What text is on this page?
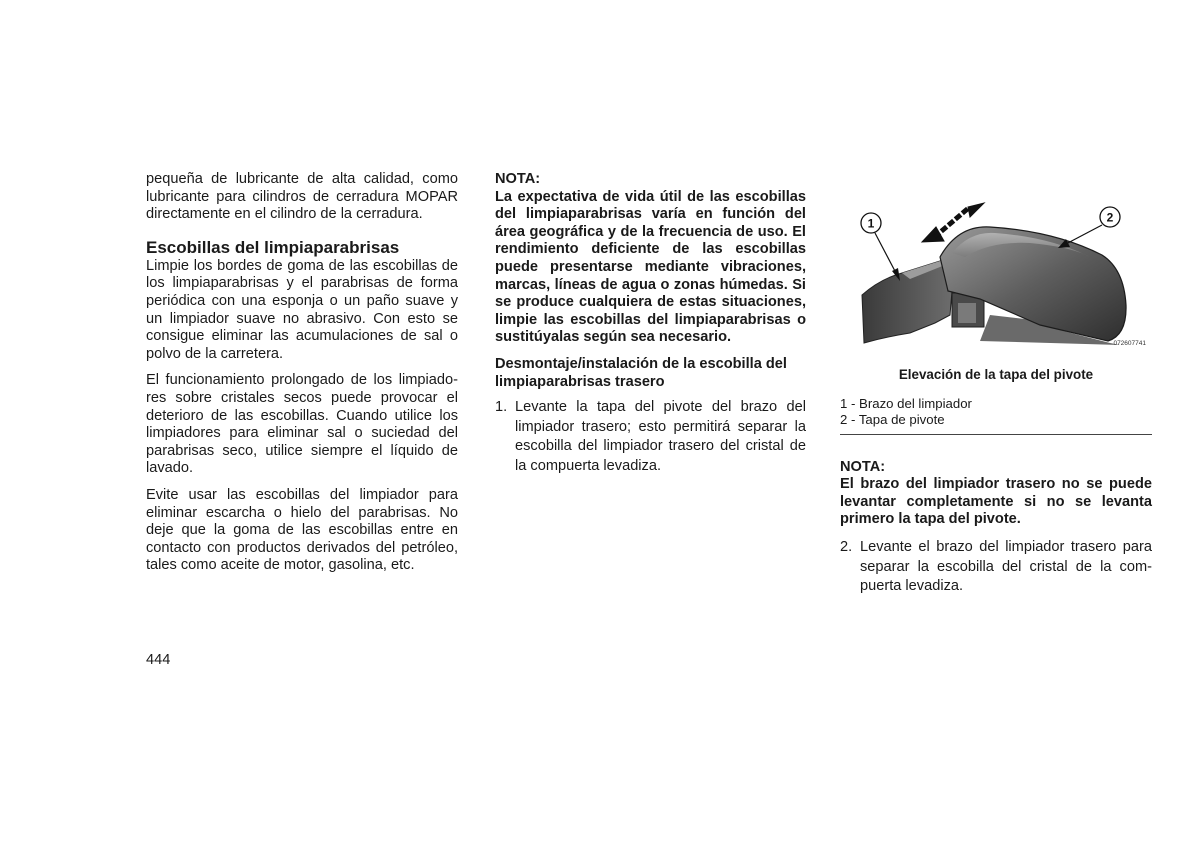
pequeña de lubricante de alta calidad, como lubricante para cilindros de cerradura MOPAR directamente en el cilindro de la cerradura.

Escobillas del limpiaparabrisas

Limpie los bordes de goma de las escobillas de los limpiaparabrisas y el parabrisas de forma periódica con una esponja o un paño suave y un limpiador suave no abrasivo. Con esto se consigue eliminar las acumulaciones de sal o polvo de la carretera.

El funcionamiento prolongado de los limpiadores sobre cristales secos puede provocar el deterioro de las escobillas. Cuando utilice los limpiadores para eliminar sal o suciedad del parabrisas seco, utilice siempre el líquido de lavado.

Evite usar las escobillas del limpiador para eliminar escarcha o hielo del parabrisas. No deje que la goma de las escobillas entre en contacto con productos derivados del petróleo, tales como aceite de motor, gasolina, etc.

NOTA:

La expectativa de vida útil de las escobillas del limpiaparabrisas varía en función del área geográfica y de la frecuencia de uso. El rendimiento deficiente de las escobillas puede presentarse mediante vibraciones, marcas, líneas de agua o zonas húmedas. Si se produce cualquiera de estas situaciones, limpie las escobillas del limpiaparabrisas o sustitúyalas según sea necesario.

Desmontaje/instalación de la escobilla del limpiaparabrisas trasero

1. Levante la tapa del pivote del brazo del limpiador trasero; esto permitirá separar la escobilla del limpiador trasero del cristal de la compuerta levadiza.
1	2
072607741
Elevación de la tapa del pivote
1 - Brazo del limpiador
2 - Tapa de pivote

NOTA:

El brazo del limpiador trasero no se puede levantar completamente si no se levanta primero la tapa del pivote.

2. Levante el brazo del limpiador trasero para separar la escobilla del cristal de la compuerta levadiza.
444
